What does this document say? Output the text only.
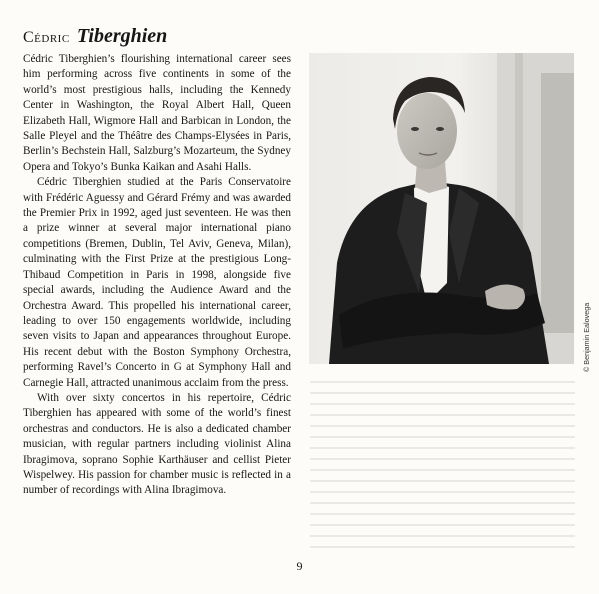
Cédric Tiberghien

Cédric Tiberghien’s flourishing international career sees him performing across five continents in some of the world’s most prestigious halls, including the Kennedy Center in Washington, the Royal Albert Hall, Queen Elizabeth Hall, Wigmore Hall and Barbican in London, the Salle Pleyel and the Théâtre des Champs-Elysées in Paris, Berlin’s Bechstein Hall, Salzburg’s Mozarteum, the Sydney Opera and Tokyo’s Bunka Kaikan and Asahi Halls.

Cédric Tiberghien studied at the Paris Conservatoire with Frédéric Aguessy and Gérard Frémy and was awarded the Premier Prix in 1992, aged just seventeen. He was then a prize winner at several major international piano competitions (Bremen, Dublin, Tel Aviv, Geneva, Milan), culminating with the First Prize at the prestigious Long-Thibaud Competition in Paris in 1998, alongside five special awards, including the Audience Award and the Orchestra Award. This propelled his international career, leading to over 150 engagements worldwide, including seven visits to Japan and appearances throughout Europe. His recent debut with the Boston Symphony Orchestra, performing Ravel’s Concerto in G at Symphony Hall and Carnegie Hall, attracted unanimous acclaim from the press.

With over sixty concertos in his repertoire, Cédric Tiberghien has appeared with some of the world’s finest orchestras and conductors. He is also a dedicated chamber musician, with regular partners including violinist Alina Ibragimova, soprano Sophie Karthäuser and cellist Pieter Wispelwey. His passion for chamber music is reflected in a number of recordings with Alina Ibragimova.

© Benjamin Ealovega
9
